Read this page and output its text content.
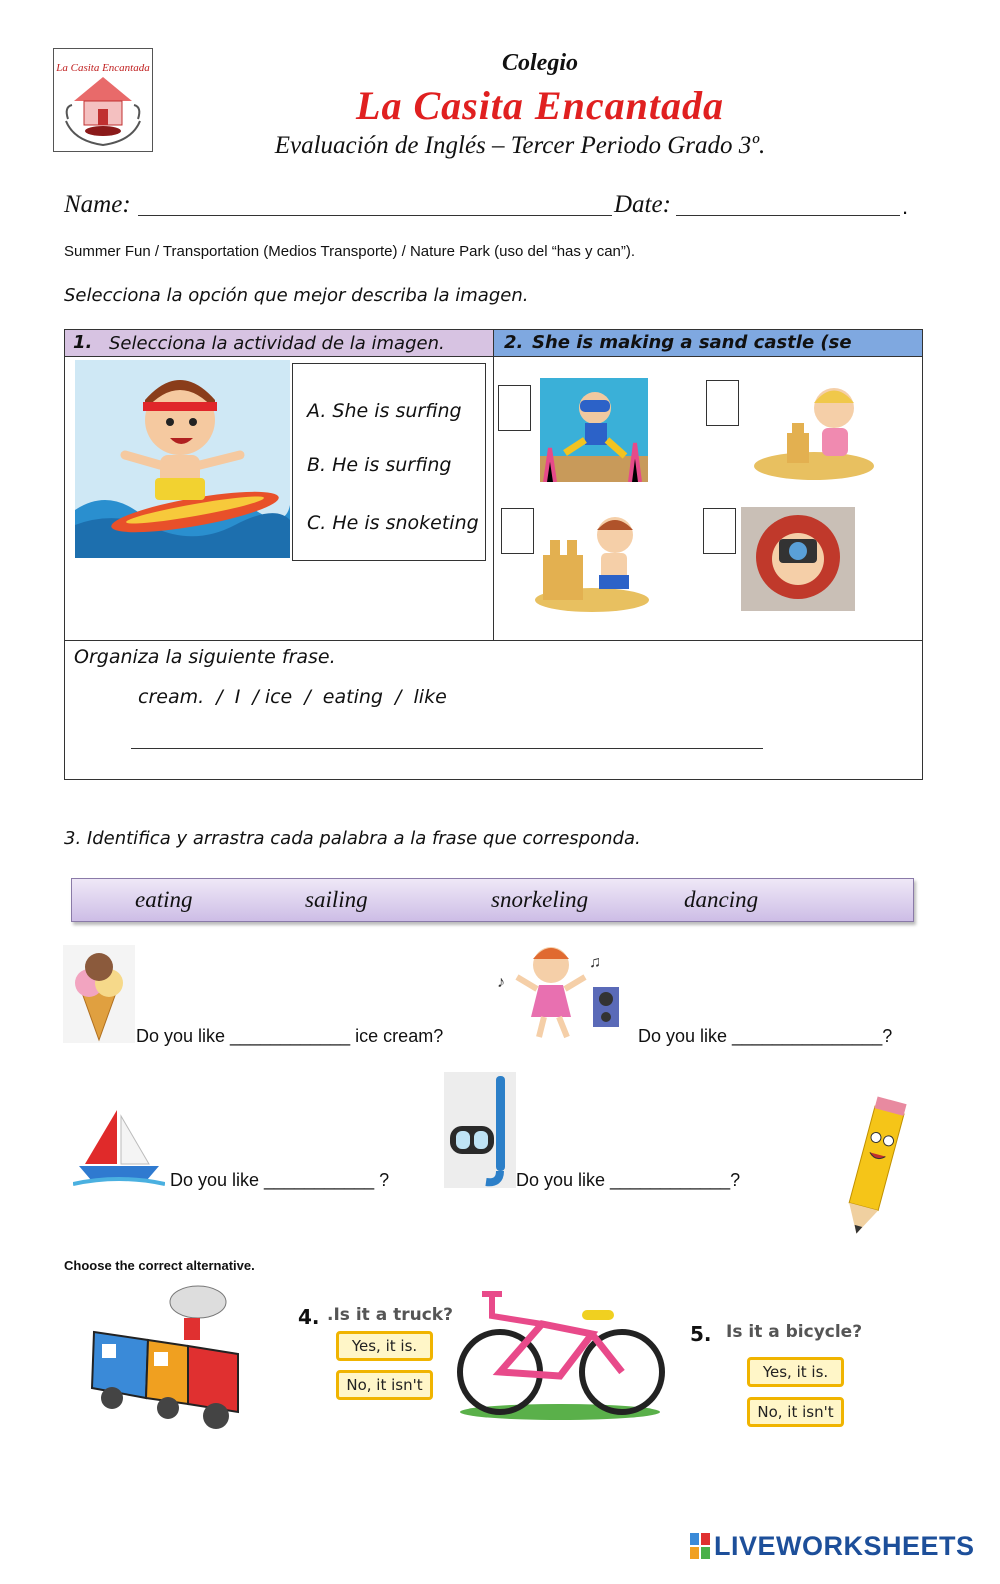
La Casita Encantada	Colegio
La Casita Encantada
Evaluación de Inglés – Tercer Periodo Grado 3º.
Name:	Date:	.
Summer Fun / Transportation (Medios Transporte) / Nature Park (uso del “has y can”).
Selecciona la opción que mejor describa la imagen.
1. Selecciona la actividad de la imagen.	2. She is making a sand castle (se
A. She is surfing
B. He is surfing
C. He is snoketing
Organiza la siguiente frase.
cream.  /  I  / ice  /  eating  /  like
3. Identifica y arrastra cada palabra a la frase que corresponda.
eating	sailing	snorkeling	dancing
Do you like ____________ ice cream?
♪
♫
Do you like _______________?
Do you like ___________ ?	Do you like ____________?
Choose the correct alternative.
4. .Is it a truck?
Yes, it is.
No, it isn't
5. Is it a bicycle?
Yes, it is.
No, it isn't
LIVEWORKSHEETS
